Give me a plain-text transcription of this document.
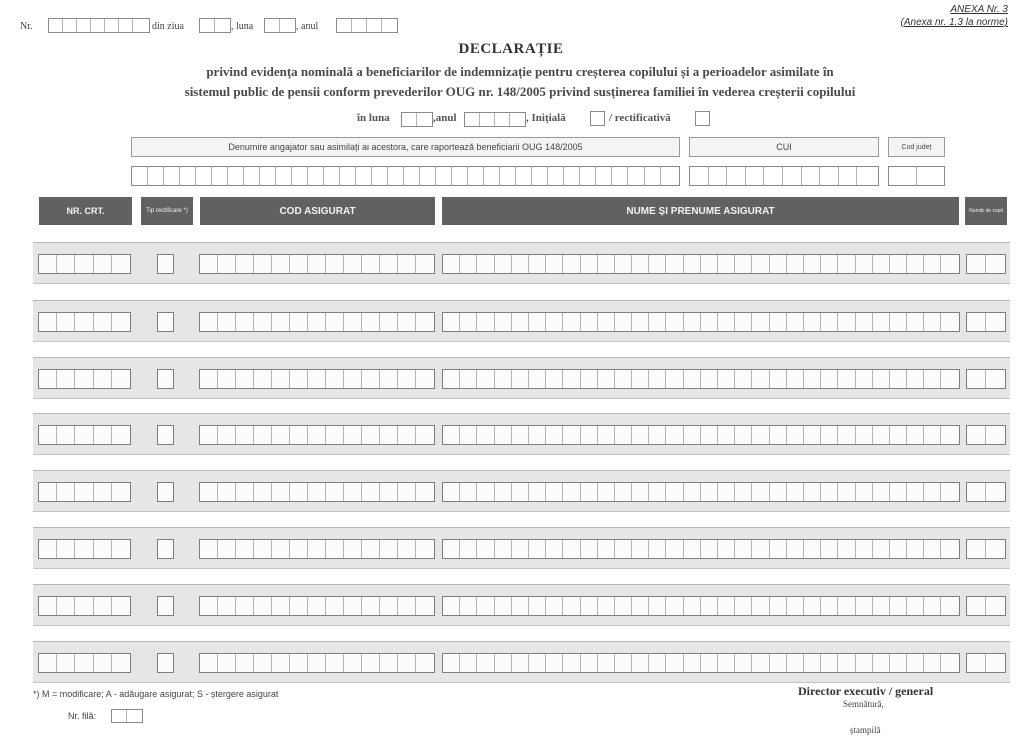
Nr.	din ziua	, luna	, anul
ANEXA Nr. 3
(Anexa nr. 1.3 la norme)
DECLARAȚIE
privind evidența nominală a beneficiarilor de indemnizație pentru creșterea copilului și a perioadelor asimilate în
sistemul public de pensii conform prevederilor OUG nr. 148/2005 privind susținerea familiei în vederea creșterii copilului
în luna	,anul	, Inițială	/ rectificativă
Denumire angajator sau asimilați ai acestora, care raportează beneficiarii OUG 148/2005	CUI	Cod județ
NR. CRT.	Tip rectificare *)	COD ASIGURAT	NUME ȘI PRENUME ASIGURAT	Număr de copii
*) M = modificare; A - adăugare asigurat; S - ștergere asigurat
Nr. filă:
Director executiv / general
Semnătură,
ștampilă
